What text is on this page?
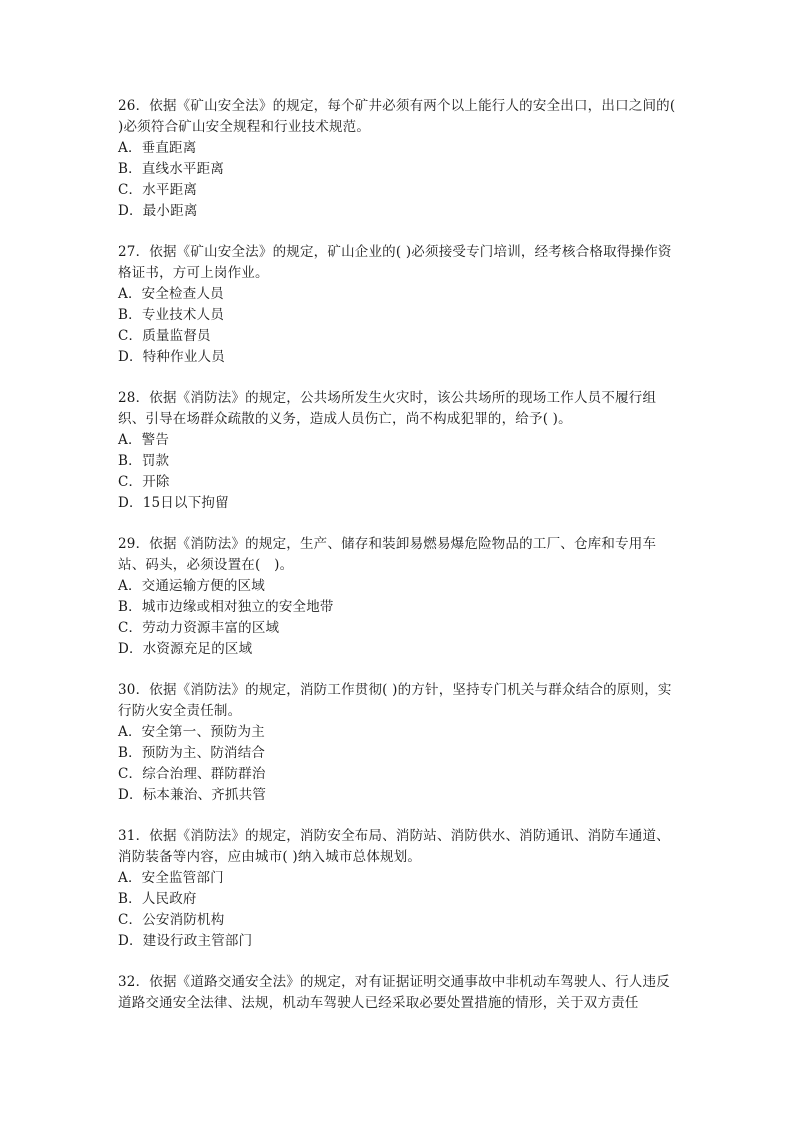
26．依据《矿山安全法》的规定，每个矿井必须有两个以上能行人的安全出口，出口之间的( )必须符合矿山安全规程和行业技术规范。

A．垂直距离

B．直线水平距离

C．水平距离

D．最小距离

27．依据《矿山安全法》的规定，矿山企业的( )必须接受专门培训，经考核合格取得操作资格证书，方可上岗作业。

A．安全检查人员

B．专业技术人员

C．质量监督员

D．特种作业人员

28．依据《消防法》的规定，公共场所发生火灾时，该公共场所的现场工作人员不履行组织、引导在场群众疏散的义务，造成人员伤亡，尚不构成犯罪的，给予( )。

A．警告

B．罚款

C．开除

D．15日以下拘留

29．依据《消防法》的规定，生产、储存和装卸易燃易爆危险物品的工厂、仓库和专用车站、码头，必须设置在(　)。

A．交通运输方便的区域

B．城市边缘或相对独立的安全地带

C．劳动力资源丰富的区域

D．水资源充足的区域

30．依据《消防法》的规定，消防工作贯彻( )的方针，坚持专门机关与群众结合的原则，实行防火安全责任制。

A．安全第一、预防为主

B．预防为主、防消结合

C．综合治理、群防群治

D．标本兼治、齐抓共管

31．依据《消防法》的规定，消防安全布局、消防站、消防供水、消防通讯、消防车通道、消防装备等内容，应由城市( )纳入城市总体规划。

A．安全监管部门

B．人民政府

C．公安消防机构

D．建设行政主管部门

32．依据《道路交通安全法》的规定，对有证据证明交通事故中非机动车驾驶人、行人违反道路交通安全法律、法规，机动车驾驶人已经采取必要处置措施的情形，关于双方责任
